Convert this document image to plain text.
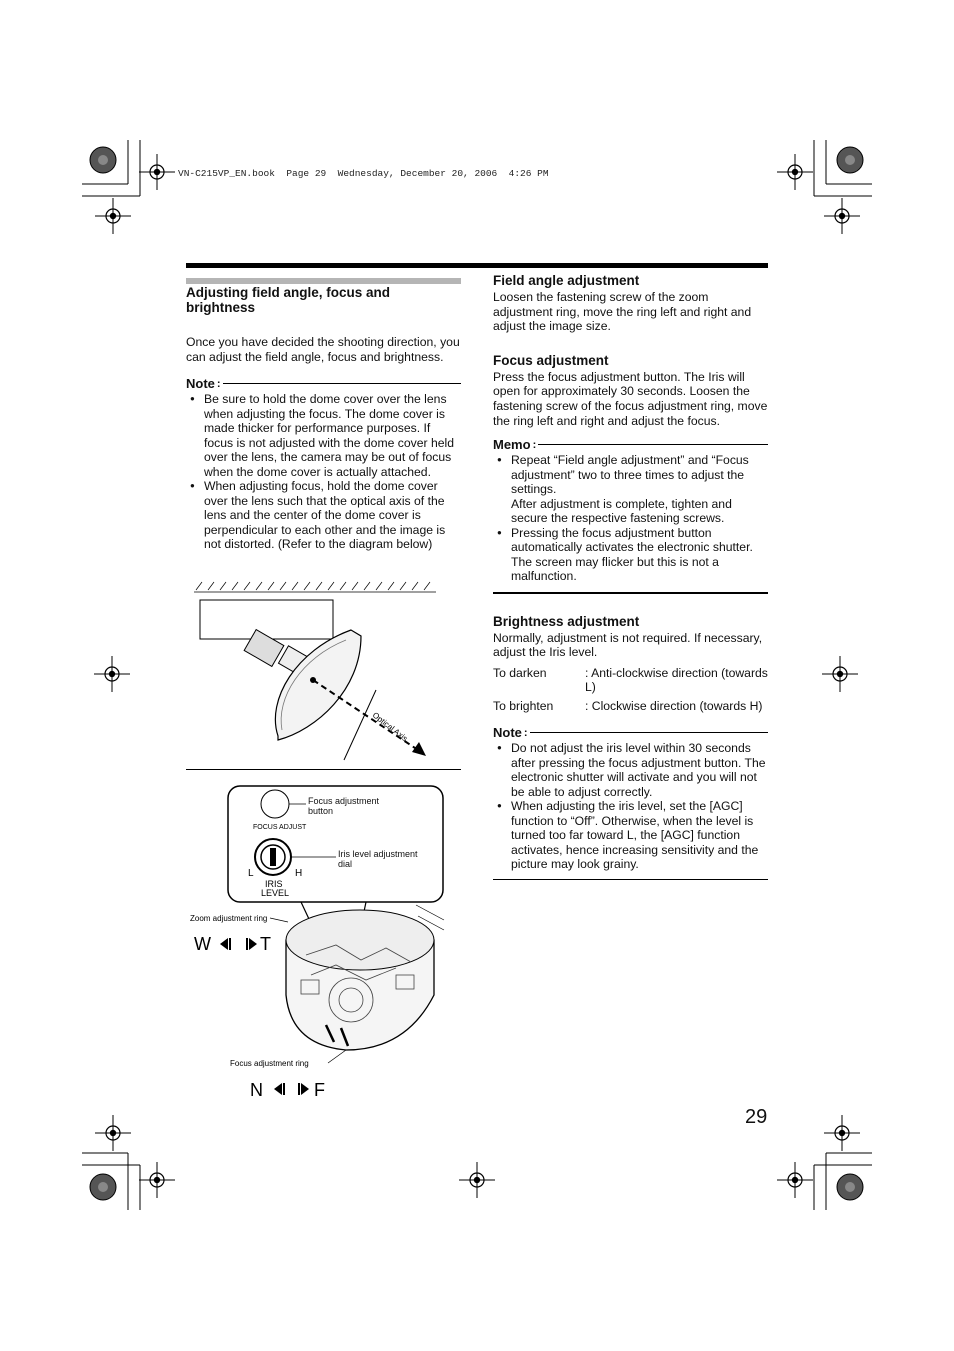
VN-C215VP_EN.book  Page 29  Wednesday, December 20, 2006  4:26 PM
Adjusting field angle, focus and brightness
Once you have decided the shooting direction, you can adjust the field angle, focus and brightness.
Note :
● Be sure to hold the dome cover over the lens when adjusting the focus. The dome cover is made thicker for performance purposes. If focus is not adjusted with the dome cover held over the lens, the camera may be out of focus when the dome cover is actually attached.
● When adjusting focus, hold the dome cover over the lens such that the optical axis of the lens and the center of the dome cover is perpendicular to each other and the image is not distorted. (Refer to the diagram below)
Optical Axis
FOCUS ADJUST
L	H
IRIS
LEVEL
Zoom adjustment ring
Focus adjustment ring
W	T
N	F
Focus adjustment button
Iris level adjustment dial
Field angle adjustment
Loosen the fastening screw of the zoom adjustment ring, move the ring left and right and adjust the image size.
Focus adjustment
Press the focus adjustment button. The Iris will open for approximately 30 seconds. Loosen the fastening screw of the focus adjustment ring, move the ring left and right and adjust the focus.
Memo :
● Repeat “Field angle adjustment” and “Focus adjustment” two to three times to adjust the settings.
After adjustment is complete, tighten and secure the respective fastening screws.
● Pressing the focus adjustment button automatically activates the electronic shutter. The screen may flicker but this is not a malfunction.
Brightness adjustment
Normally, adjustment is not required. If necessary, adjust the Iris level.
To darken	: Anti-clockwise direction (towards L)
To brighten	: Clockwise direction (towards H)
Note :
● Do not adjust the iris level within 30 seconds after pressing the focus adjustment button. The electronic shutter will activate and you will not be able to adjust correctly.
● When adjusting the iris level, set the [AGC] function to “Off”. Otherwise, when the level is turned too far toward L, the [AGC] function activates, hence increasing sensitivity and the picture may look grainy.
29
